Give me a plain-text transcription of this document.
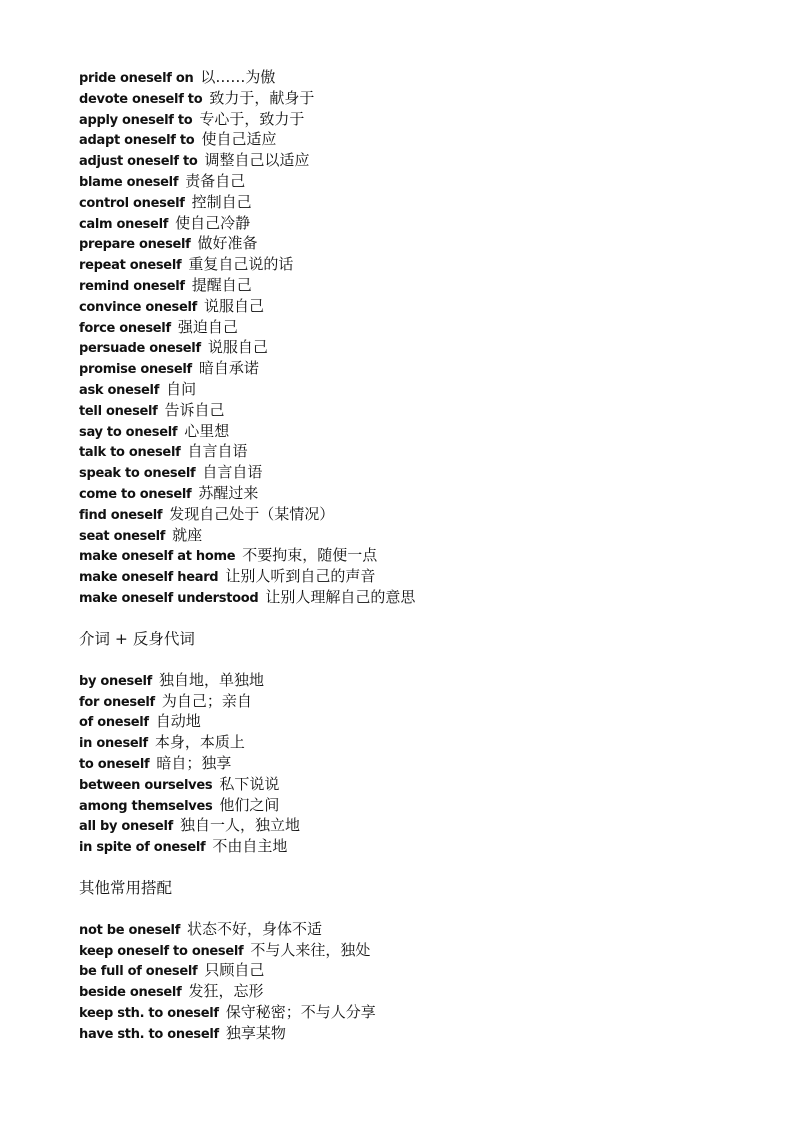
pride oneself on 以……为傲
devote oneself to 致力于，献身于
apply oneself to 专心于，致力于
adapt oneself to 使自己适应
adjust oneself to 调整自己以适应
blame oneself 责备自己
control oneself 控制自己
calm oneself 使自己冷静
prepare oneself 做好准备
repeat oneself 重复自己说的话
remind oneself 提醒自己
convince oneself 说服自己
force oneself 强迫自己
persuade oneself 说服自己
promise oneself 暗自承诺
ask oneself 自问
tell oneself 告诉自己
say to oneself 心里想
talk to oneself 自言自语
speak to oneself 自言自语
come to oneself 苏醒过来
find oneself 发现自己处于（某情况）
seat oneself 就座
make oneself at home 不要拘束，随便一点
make oneself heard 让别人听到自己的声音
make oneself understood 让别人理解自己的意思
介词 + 反身代词
by oneself 独自地，单独地
for oneself 为自己；亲自
of oneself 自动地
in oneself 本身，本质上
to oneself 暗自；独享
between ourselves 私下说说
among themselves 他们之间
all by oneself 独自一人，独立地
in spite of oneself 不由自主地
其他常用搭配
not be oneself 状态不好，身体不适
keep oneself to oneself 不与人来往，独处
be full of oneself 只顾自己
beside oneself 发狂，忘形
keep sth. to oneself 保守秘密；不与人分享
have sth. to oneself 独享某物
